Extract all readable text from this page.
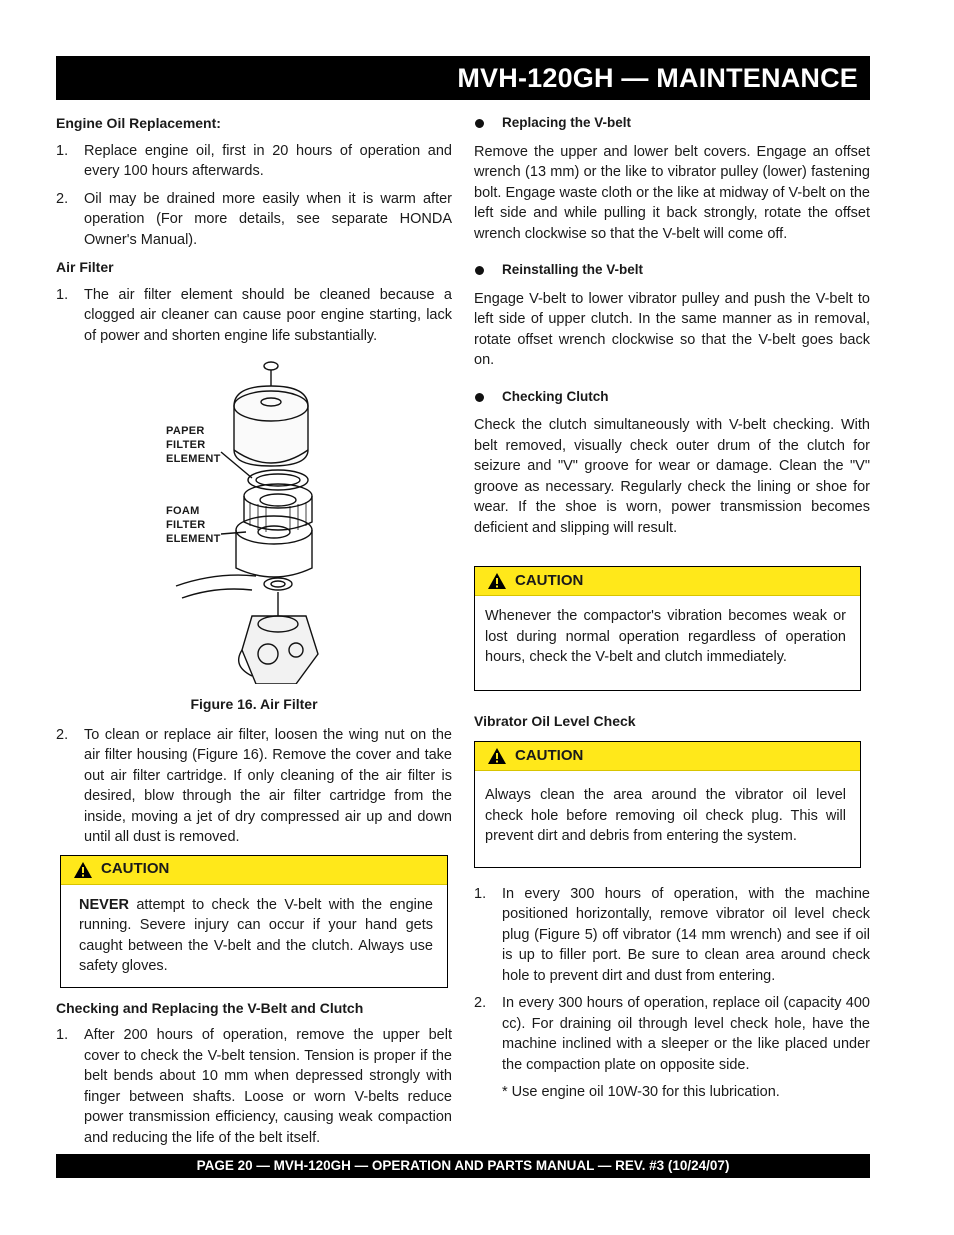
MVH-120GH — MAINTENANCE
Engine Oil Replacement:
1. Replace engine oil, first in 20 hours of operation and every 100 hours afterwards.
2. Oil may be drained more easily when it is warm after operation (For more details, see separate HONDA Owner's Manual).
Air Filter
1. The air filter element should be cleaned because a clogged air cleaner can cause poor engine starting, lack of power and shorten engine life substantially.
PAPER
FILTER
ELEMENT
FOAM
FILTER
ELEMENT
Figure 16. Air Filter
2. To clean or replace air filter, loosen the wing nut on the air filter housing (Figure 16). Remove the cover and take out air filter cartridge. If only cleaning of the air filter is desired, blow through the air filter cartridge from the inside, moving a jet of dry compressed air up and down until all dust is removed.
CAUTION
NEVER attempt to check the V-belt with the engine running. Severe injury can occur if your hand gets caught between the V-belt and the clutch. Always use safety gloves.
Checking and Replacing the V-Belt and Clutch
1. After 200 hours of operation, remove the upper belt cover to check the V-belt tension. Tension is proper if the belt bends about 10 mm when depressed strongly with finger between shafts. Loose or worn V-belts reduce power transmission efficiency, causing weak compaction and reducing the life of the belt itself.
Replacing the V-belt
Remove the upper and lower belt covers. Engage an offset wrench (13 mm) or the like to vibrator pulley (lower) fastening bolt. Engage waste cloth or the like at midway of V-belt on the left side and while pulling it back strongly, rotate the offset wrench clockwise so that the V-belt will come off.
Reinstalling the V-belt
Engage V-belt to lower vibrator pulley and push the V-belt to left side of upper clutch. In the same manner as in removal, rotate offset wrench clockwise so that the V-belt goes back on.
Checking Clutch
Check the clutch simultaneously with V-belt checking. With belt removed, visually check outer drum of the clutch for seizure and "V" groove for wear or damage. Clean the "V" groove as necessary. Regularly check the lining or shoe for wear. If the shoe is worn, power transmission becomes deficient and slipping will result.
CAUTION
Whenever the compactor's vibration becomes weak or lost during normal operation regardless of operation hours, check the V-belt and clutch immediately.
Vibrator Oil Level Check
CAUTION
Always clean the area around the vibrator oil level check hole before removing oil check plug. This will prevent dirt and debris from entering the system.
1. In every 300 hours of operation, with the machine positioned horizontally, remove vibrator oil level check plug (Figure 5) off vibrator (14 mm wrench) and see if oil is up to filler port. Be sure to clean area around check hole to prevent dirt and dust from entering.
2. In every 300 hours of operation, replace oil (capacity 400 cc). For draining oil through level check hole, have the machine inclined with a sleeper or the like placed under the compaction plate on opposite side.
* Use engine oil 10W-30 for this lubrication.
PAGE 20 — MVH-120GH — OPERATION AND PARTS MANUAL — REV. #3 (10/24/07)
